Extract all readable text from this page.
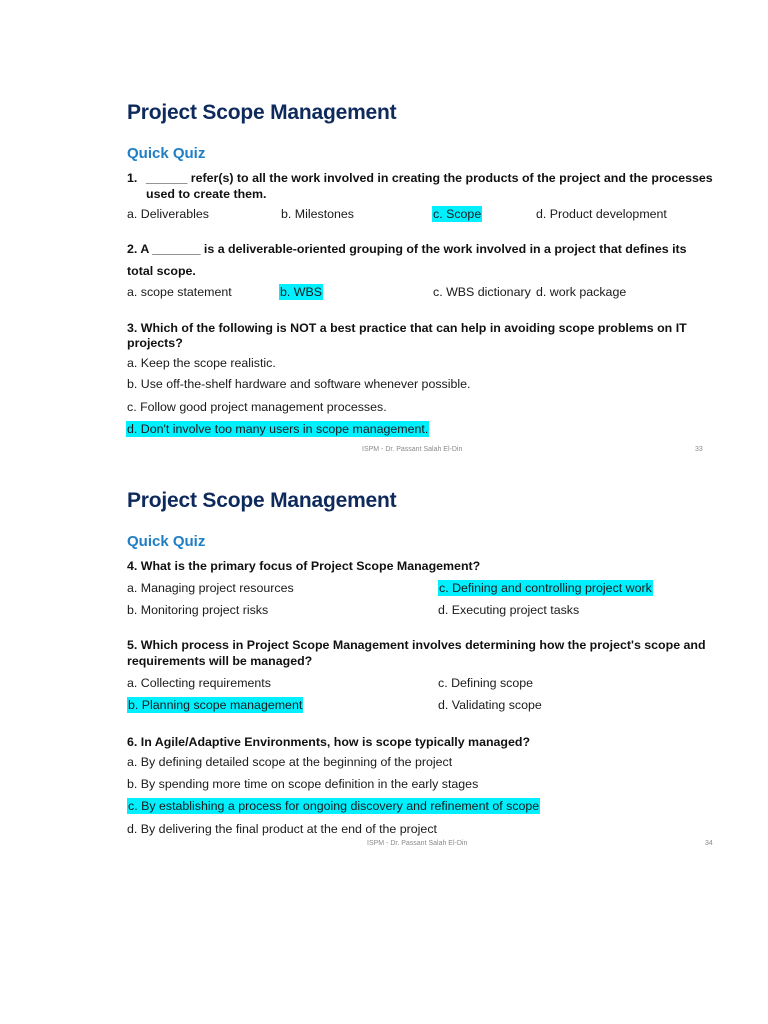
Project Scope Management
Quick Quiz
1. ______ refer(s) to all the work involved in creating the products of the project and the processes
used to create them.
a. Deliverables	b. Milestones	c. Scope	d. Product development
2. A _______ is a deliverable-oriented grouping of the work involved in a project that defines its
total scope.
a. scope statement	b. WBS	c. WBS dictionary d. work package
3. Which of the following is NOT a best practice that can help in avoiding scope problems on IT
projects?
a. Keep the scope realistic.
b. Use off-the-shelf hardware and software whenever possible.
c. Follow good project management processes.
d. Don't involve too many users in scope management.
ISPM - Dr. Passant Salah El-Din	33
Project Scope Management
Quick Quiz
4. What is the primary focus of Project Scope Management?
a. Managing project resources
b. Monitoring project risks
c. Defining and controlling project work
d. Executing project tasks
5. Which process in Project Scope Management involves determining how the project's scope and
requirements will be managed?
a. Collecting requirements
b. Planning scope management
c. Defining scope
d. Validating scope
6. In Agile/Adaptive Environments, how is scope typically managed?
a. By defining detailed scope at the beginning of the project
b. By spending more time on scope definition in the early stages
c. By establishing a process for ongoing discovery and refinement of scope
d. By delivering the final product at the end of the project
ISPM - Dr. Passant Salah El-Din	34
